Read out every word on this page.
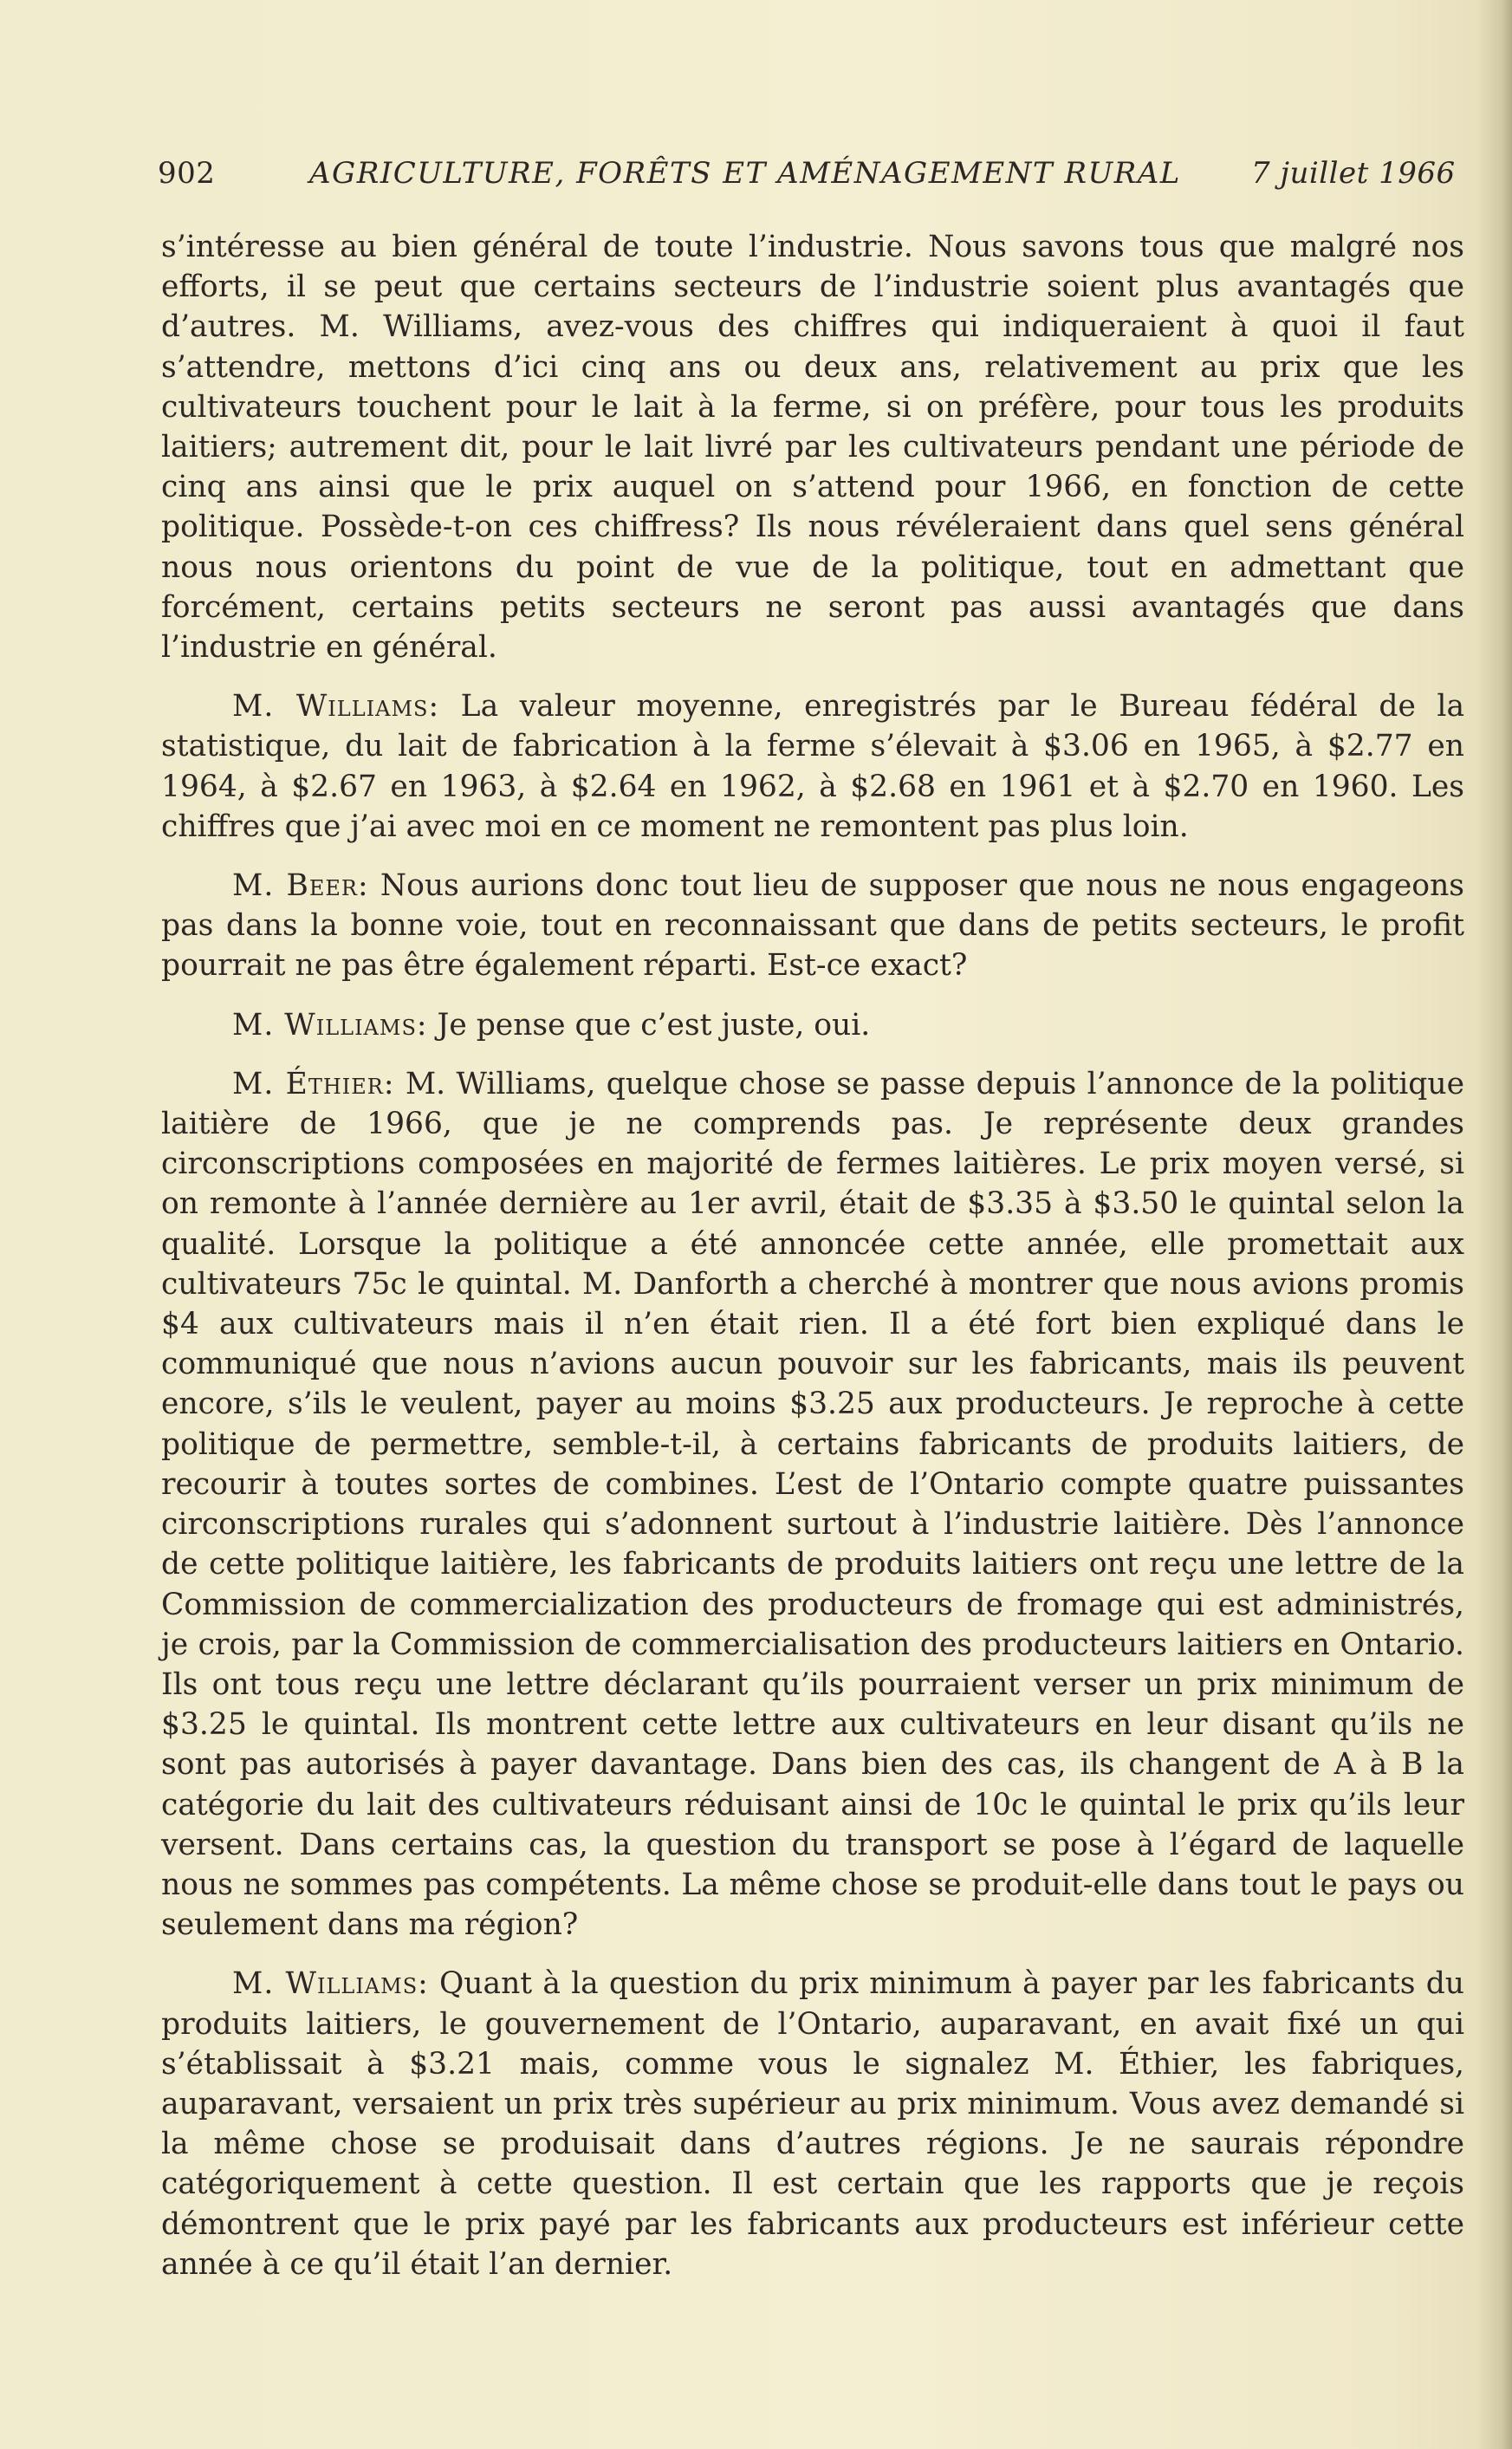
902	AGRICULTURE, FORÊTS ET AMÉNAGEMENT RURAL 7 juillet 1966

s’intéresse au bien général de toute l’industrie. Nous savons tous que malgré nos efforts, il se peut que certains secteurs de l’industrie soient plus avantagés que d’autres. M. Williams, avez-vous des chiffres qui indiqueraient à quoi il faut s’attendre, mettons d’ici cinq ans ou deux ans, relativement au prix que les cultivateurs touchent pour le lait à la ferme, si on préfère, pour tous les produits laitiers; autrement dit, pour le lait livré par les cultivateurs pendant une période de cinq ans ainsi que le prix auquel on s’attend pour 1966, en fonction de cette politique. Possède-t-on ces chiffress? Ils nous révéleraient dans quel sens général nous nous orientons du point de vue de la politique, tout en admettant que forcément, certains petits secteurs ne seront pas aussi avantagés que dans l’industrie en général.

M. Williams: La valeur moyenne, enregistrés par le Bureau fédéral de la statistique, du lait de fabrication à la ferme s’élevait à $3.06 en 1965, à $2.77 en 1964, à $2.67 en 1963, à $2.64 en 1962, à $2.68 en 1961 et à $2.70 en 1960. Les chiffres que j’ai avec moi en ce moment ne remontent pas plus loin.

M. Beer: Nous aurions donc tout lieu de supposer que nous ne nous engageons pas dans la bonne voie, tout en reconnaissant que dans de petits secteurs, le profit pourrait ne pas être également réparti. Est-ce exact?

M. Williams: Je pense que c’est juste, oui.

M. Éthier: M. Williams, quelque chose se passe depuis l’annonce de la politique laitière de 1966, que je ne comprends pas. Je représente deux grandes circonscriptions composées en majorité de fermes laitières. Le prix moyen versé, si on remonte à l’année dernière au 1er avril, était de $3.35 à $3.50 le quintal selon la qualité. Lorsque la politique a été annoncée cette année, elle promettait aux cultivateurs 75c le quintal. M. Danforth a cherché à montrer que nous avions promis $4 aux cultivateurs mais il n’en était rien. Il a été fort bien expliqué dans le communiqué que nous n’avions aucun pouvoir sur les fabricants, mais ils peuvent encore, s’ils le veulent, payer au moins $3.25 aux producteurs. Je reproche à cette politique de permettre, semble-t-il, à certains fabricants de produits laitiers, de recourir à toutes sortes de combines. L’est de l’Ontario compte quatre puissantes circonscriptions rurales qui s’adonnent surtout à l’industrie laitière. Dès l’annonce de cette politique laitière, les fabricants de produits laitiers ont reçu une lettre de la Commission de commercialization des producteurs de fromage qui est administrés, je crois, par la Commission de commercialisation des producteurs laitiers en Ontario. Ils ont tous reçu une lettre déclarant qu’ils pourraient verser un prix minimum de $3.25 le quintal. Ils montrent cette lettre aux cultivateurs en leur disant qu’ils ne sont pas autorisés à payer davantage. Dans bien des cas, ils changent de A à B la catégorie du lait des cultivateurs réduisant ainsi de 10c le quintal le prix qu’ils leur versent. Dans certains cas, la question du transport se pose à l’égard de laquelle nous ne sommes pas compétents. La même chose se produit-elle dans tout le pays ou seulement dans ma région?

M. Williams: Quant à la question du prix minimum à payer par les fabricants du produits laitiers, le gouvernement de l’Ontario, auparavant, en avait fixé un qui s’établissait à $3.21 mais, comme vous le signalez M. Éthier, les fabriques, auparavant, versaient un prix très supérieur au prix minimum. Vous avez demandé si la même chose se produisait dans d’autres régions. Je ne saurais répondre catégoriquement à cette question. Il est certain que les rapports que je reçois démontrent que le prix payé par les fabricants aux producteurs est inférieur cette année à ce qu’il était l’an dernier.
